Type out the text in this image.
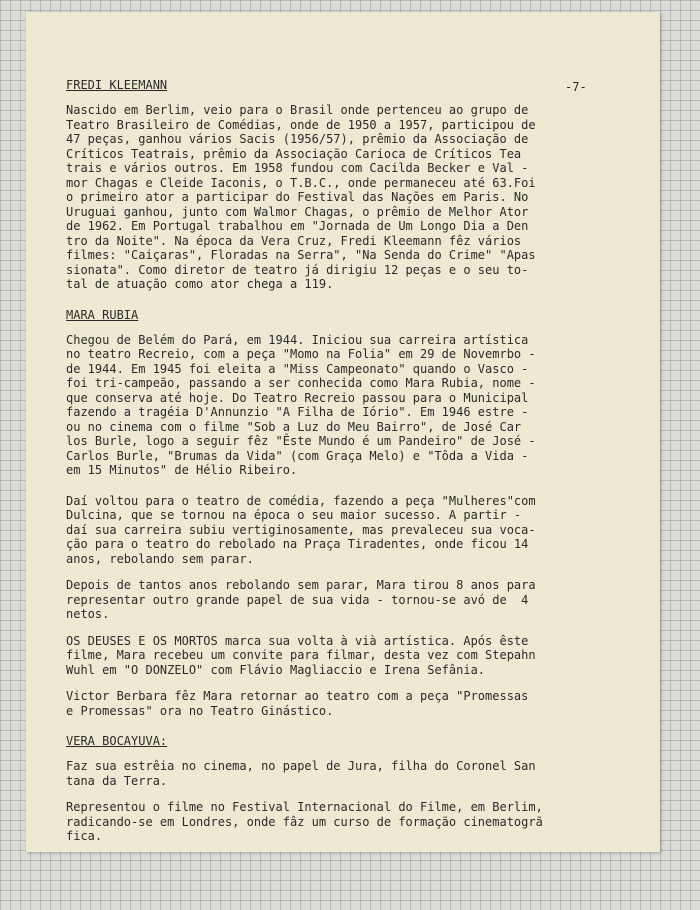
-7-

FREDI KLEEMANN

Nascido em Berlim, veio para o Brasil onde pertenceu ao grupo de
Teatro Brasileiro de Comédias, onde de 1950 a 1957, participou de
47 peças, ganhou vários Sacis (1956/57), prêmio da Associação de
Críticos Teatrais, prêmio da Associação Carioca de Críticos Tea
trais e vários outros. Em 1958 fundou com Cacilda Becker e Val -
mor Chagas e Cleide Iaconis, o T.B.C., onde permaneceu até 63.Foi
o primeiro ator a participar do Festival das Nações em Paris. No
Uruguai ganhou, junto com Walmor Chagas, o prêmio de Melhor Ator
de 1962. Em Portugal trabalhou em "Jornada de Um Longo Dia a Den
tro da Noite". Na época da Vera Cruz, Fredi Kleemann fêz vários
filmes: "Caiçaras", Floradas na Serra", "Na Senda do Crime" "Apas
sionata". Como diretor de teatro já dirigiu 12 peças e o seu to-
tal de atuação como ator chega a 119.

MARA RUBIA

Chegou de Belém do Pará, em 1944. Iniciou sua carreira artística
no teatro Recreio, com a peça "Momo na Folia" em 29 de Novemrbo -
de 1944. Em 1945 foi eleita a "Miss Campeonato" quando o Vasco -
foi tri-campeão, passando a ser conhecida como Mara Rubia, nome -
que conserva até hoje. Do Teatro Recreio passou para o Municipal
fazendo a tragéia D'Annunzio "A Filha de Iório". Em 1946 estre -
ou no cinema com o filme "Sob a Luz do Meu Bairro", de José Car
los Burle, logo a seguir fêz "Êste Mundo é um Pandeiro" de José -
Carlos Burle, "Brumas da Vida" (com Graça Melo) e "Tôda a Vida -
em 15 Minutos" de Hélio Ribeiro.

Daí voltou para o teatro de comédia, fazendo a peça "Mulheres"com
Dulcina, que se tornou na época o seu maior sucesso. A partir -
daí sua carreira subiu vertiginosamente, mas prevaleceu sua voca-
ção para o teatro do rebolado na Praça Tiradentes, onde ficou 14
anos, rebolando sem parar.

Depois de tantos anos rebolando sem parar, Mara tirou 8 anos para
representar outro grande papel de sua vida - tornou-se avó de  4
netos.

OS DEUSES E OS MORTOS marca sua volta à vià artística. Após êste
filme, Mara recebeu um convite para filmar, desta vez com Stepahn
Wuhl em "O DONZELO" com Flávio Magliaccio e Irena Sefânia.

Victor Berbara fêz Mara retornar ao teatro com a peça "Promessas
e Promessas" ora no Teatro Ginástico.

VERA BOCAYUVA:

Faz sua estrêia no cinema, no papel de Jura, filha do Coronel San
tana da Terra.

Representou o filme no Festival Internacional do Filme, em Berlim,
radicando-se em Londres, onde fâz um curso de formação cinematogrã
fica.
